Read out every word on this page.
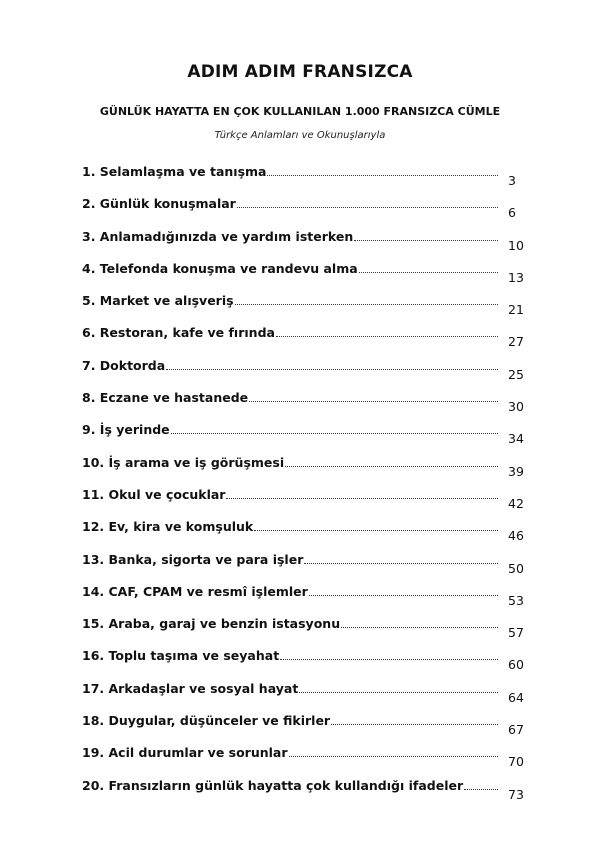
ADIM ADIM FRANSIZCA
GÜNLÜK HAYATTA EN ÇOK KULLANILAN 1.000 FRANSIZCA CÜMLE
Türkçe Anlamları ve Okunuşlarıyla
1. Selamlaşma ve tanışma
3
2. Günlük konuşmalar
6
3. Anlamadığınızda ve yardım isterken
10
4. Telefonda konuşma ve randevu alma
13
5. Market ve alışveriş
21
6. Restoran, kafe ve fırında
27
7. Doktorda
25
8. Eczane ve hastanede
30
9. İş yerinde
34
10. İş arama ve iş görüşmesi
39
11. Okul ve çocuklar
42
12. Ev, kira ve komşuluk
46
13. Banka, sigorta ve para işler
50
14. CAF, CPAM ve resmî işlemler
53
15. Araba, garaj ve benzin istasyonu
57
16. Toplu taşıma ve seyahat
60
17. Arkadaşlar ve sosyal hayat
64
18. Duygular, düşünceler ve fikirler
67
19. Acil durumlar ve sorunlar
70
20. Fransızların günlük hayatta çok kullandığı ifadeler
73
